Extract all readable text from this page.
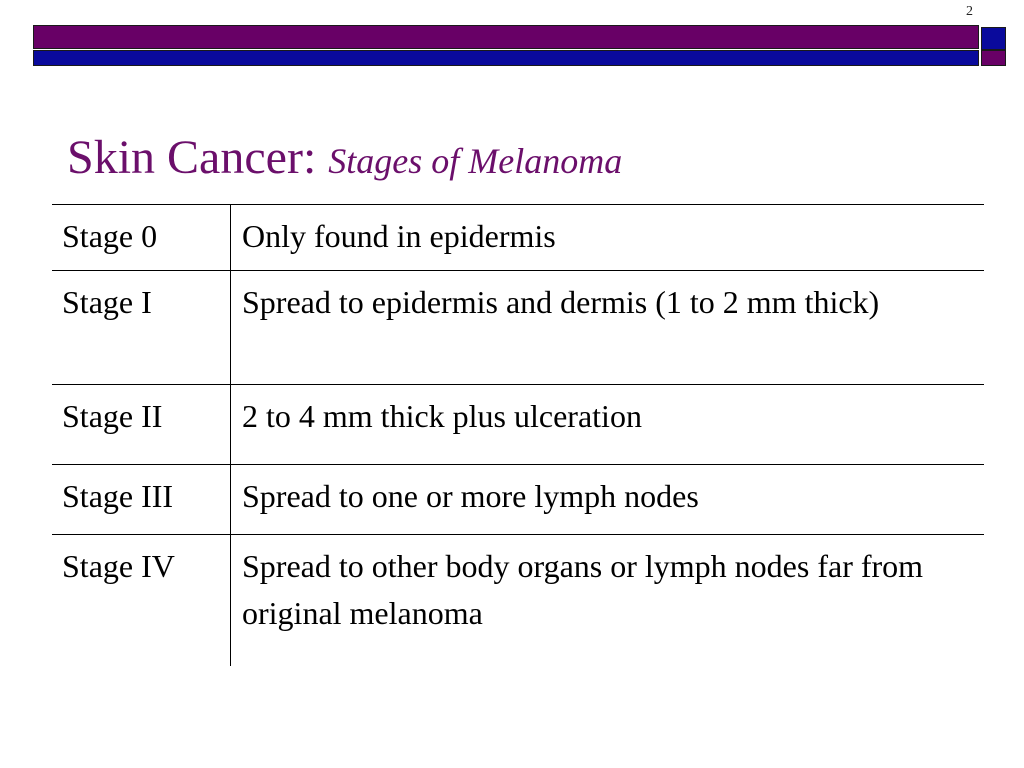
2
Skin Cancer: Stages of Melanoma
Stage 0	Only found in epidermis
Stage I	Spread to epidermis and dermis (1 to 2 mm thick)
Stage II	2 to 4 mm thick plus ulceration
Stage III	Spread to one or more lymph nodes
Stage IV	Spread to other body organs or lymph nodes far from original melanoma
